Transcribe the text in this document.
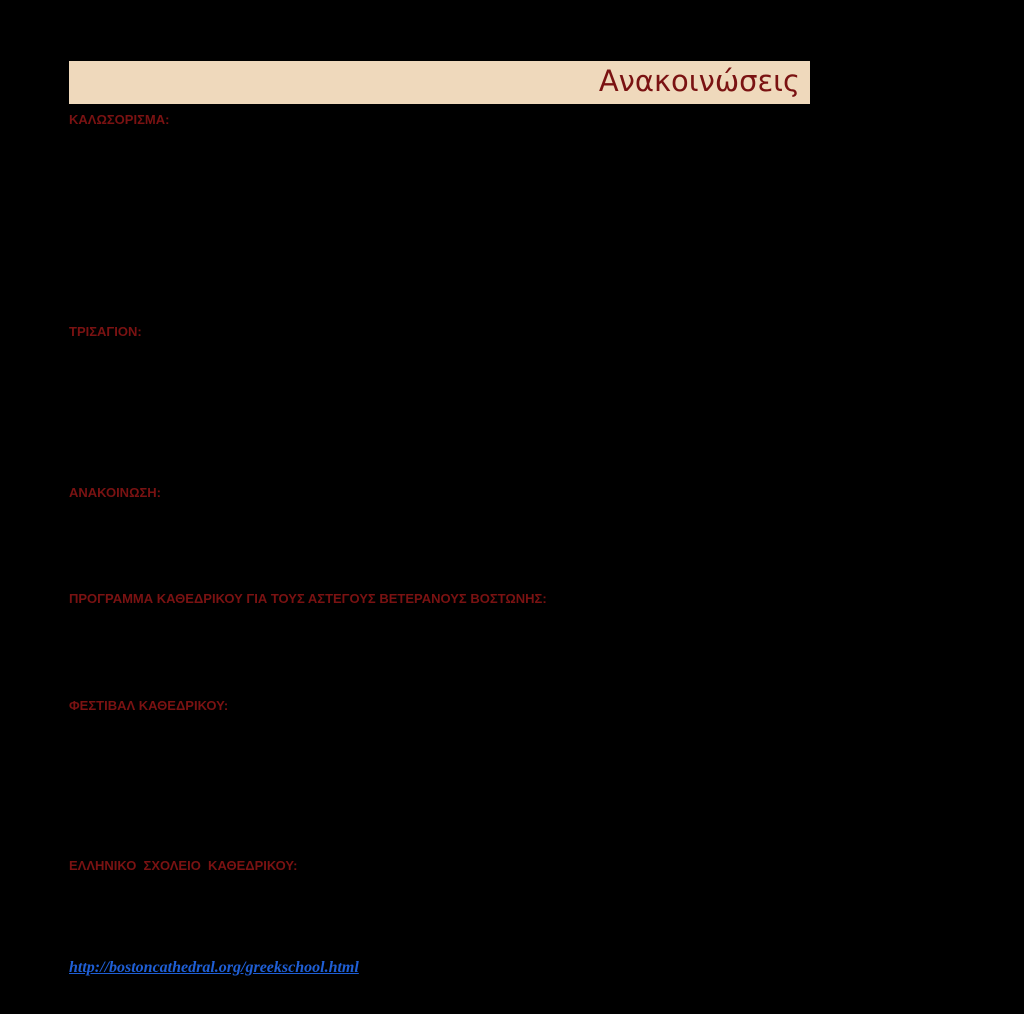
Ανακοινώσεις
ΚΑΛΩΣΟΡΙΣΜΑ:
ΤΡΙΣΑΓΙΟΝ:
ΑΝΑΚΟΙΝΩΣΗ:
ΠΡΟΓΡΑΜΜΑ ΚΑΘΕΔΡΙΚΟΥ ΓΙΑ ΤΟΥΣ ΑΣΤΕΓΟΥΣ ΒΕΤΕΡΑΝΟΥΣ ΒΟΣΤΩΝΗΣ:
ΦΕΣΤΙΒΑΛ ΚΑΘΕΔΡΙΚΟΥ:
ΕΛΛΗΝΙΚΟ  ΣΧΟΛΕΙΟ  ΚΑΘΕΔΡΙΚΟΥ:
http://bostoncathedral.org/greekschool.html
